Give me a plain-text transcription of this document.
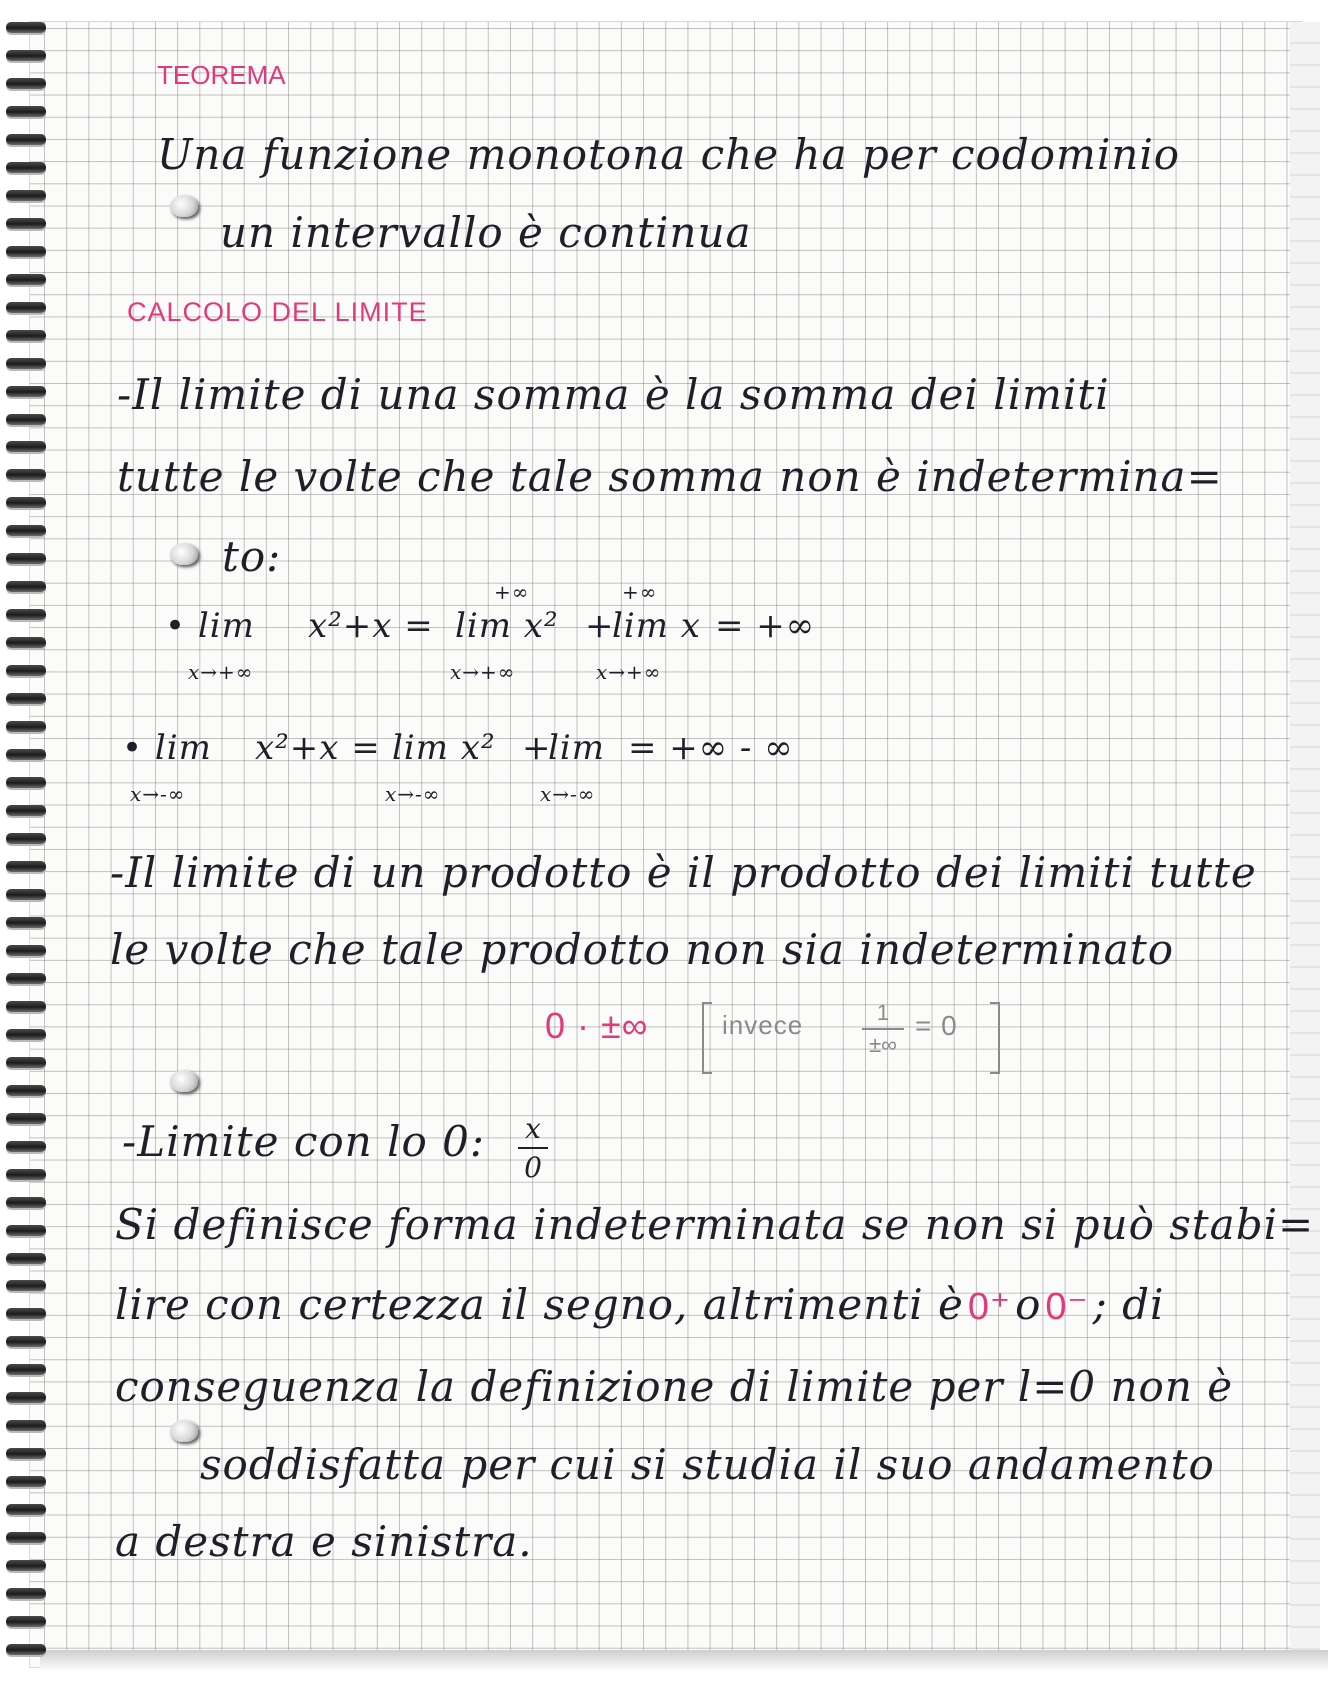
TEOREMA

Una funzione monotona che ha per codominio

un intervallo è continua

CALCOLO DEL LIMITE

-Il limite di una somma è la somma dei limiti

tutte le volte che tale somma non è indetermina=

to:

+∞	+∞

• lim x²+x = lim x² +

lim x = +∞

x→+∞	x→+∞	x→+∞

• lim x²+x = lim x² +

lim = +∞ - ∞

x→-∞	x→-∞	x→-∞

-Il limite di un prodotto è il prodotto dei limiti tutte

le volte che tale prodotto non sia indeterminato

0 · ±∞	invece	1
±∞

= 0

-Limite con lo 0: x
0

Si definisce forma indeterminata se non si può stabi=

lire con certezza il segno, altrimenti è 0⁺ o 0⁻ ; di

conseguenza la definizione di limite per l=0 non è

soddisfatta per cui si studia il suo andamento

a destra e sinistra.
